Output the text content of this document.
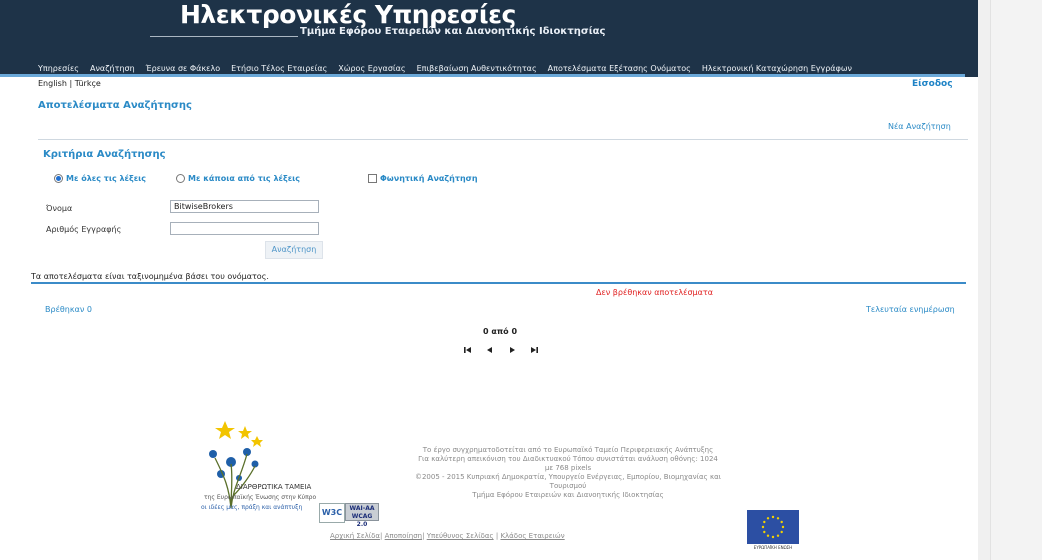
Ηλεκτρονικές Υπηρεσίες
Τμήμα Εφόρου Εταιρειών και Διανοητικής Ιδιοκτησίας
Υπηρεσίες Αναζήτηση Έρευνα σε Φάκελο Ετήσιο Τέλος Εταιρείας Χώρος Εργασίας Επιβεβαίωση Αυθεντικότητας Αποτελέσματα Εξέτασης Ονόματος Ηλεκτρονική Καταχώρηση Εγγράφων
English | Türkçe	Είσοδος
Αποτελέσματα Αναζήτησης
Νέα Αναζήτηση
Κριτήρια Αναζήτησης
Με όλες τις λέξεις	Με κάποια από τις λέξεις	Φωνητική Αναζήτηση
Όνομα	BitwiseBrokers
Αριθμός Εγγραφής
Αναζήτηση
Τα αποτελέσματα είναι ταξινομημένα βάσει του ονόματος.
Δεν βρέθηκαν αποτελέσματα
Βρέθηκαν 0	Τελευταία ενημέρωση
0 από 0
ΔΙΑΡΘΡΩΤΙΚΑ ΤΑΜΕΙΑ
της Ευρωπαϊκής Ένωσης στην Κύπρο
οι ιδέες μας, πράξη και ανάπτυξη
W3C	WAI-AA
WCAG 2.0
Το έργο συγχρηματοδοτείται από το Ευρωπαϊκό Ταμείο Περιφερειακής Ανάπτυξης
Για καλύτερη απεικόνιση του Διαδικτυακού Τόπου συνιστάται ανάλυση οθόνης: 1024
με 768 pixels
©2005 - 2015 Κυπριακή Δημοκρατία, Υπουργείο Ενέργειας, Εμπορίου, Βιομηχανίας και
Τουρισμού
Τμήμα Εφόρου Εταιρειών και Διανοητικής Ιδιοκτησίας
Αρχική Σελίδα| Αποποίηση| Υπεύθυνος Σελίδας | Κλάδος Εταιρειών
ΕΥΡΩΠΑΪΚΗ ΕΝΩΣΗ
